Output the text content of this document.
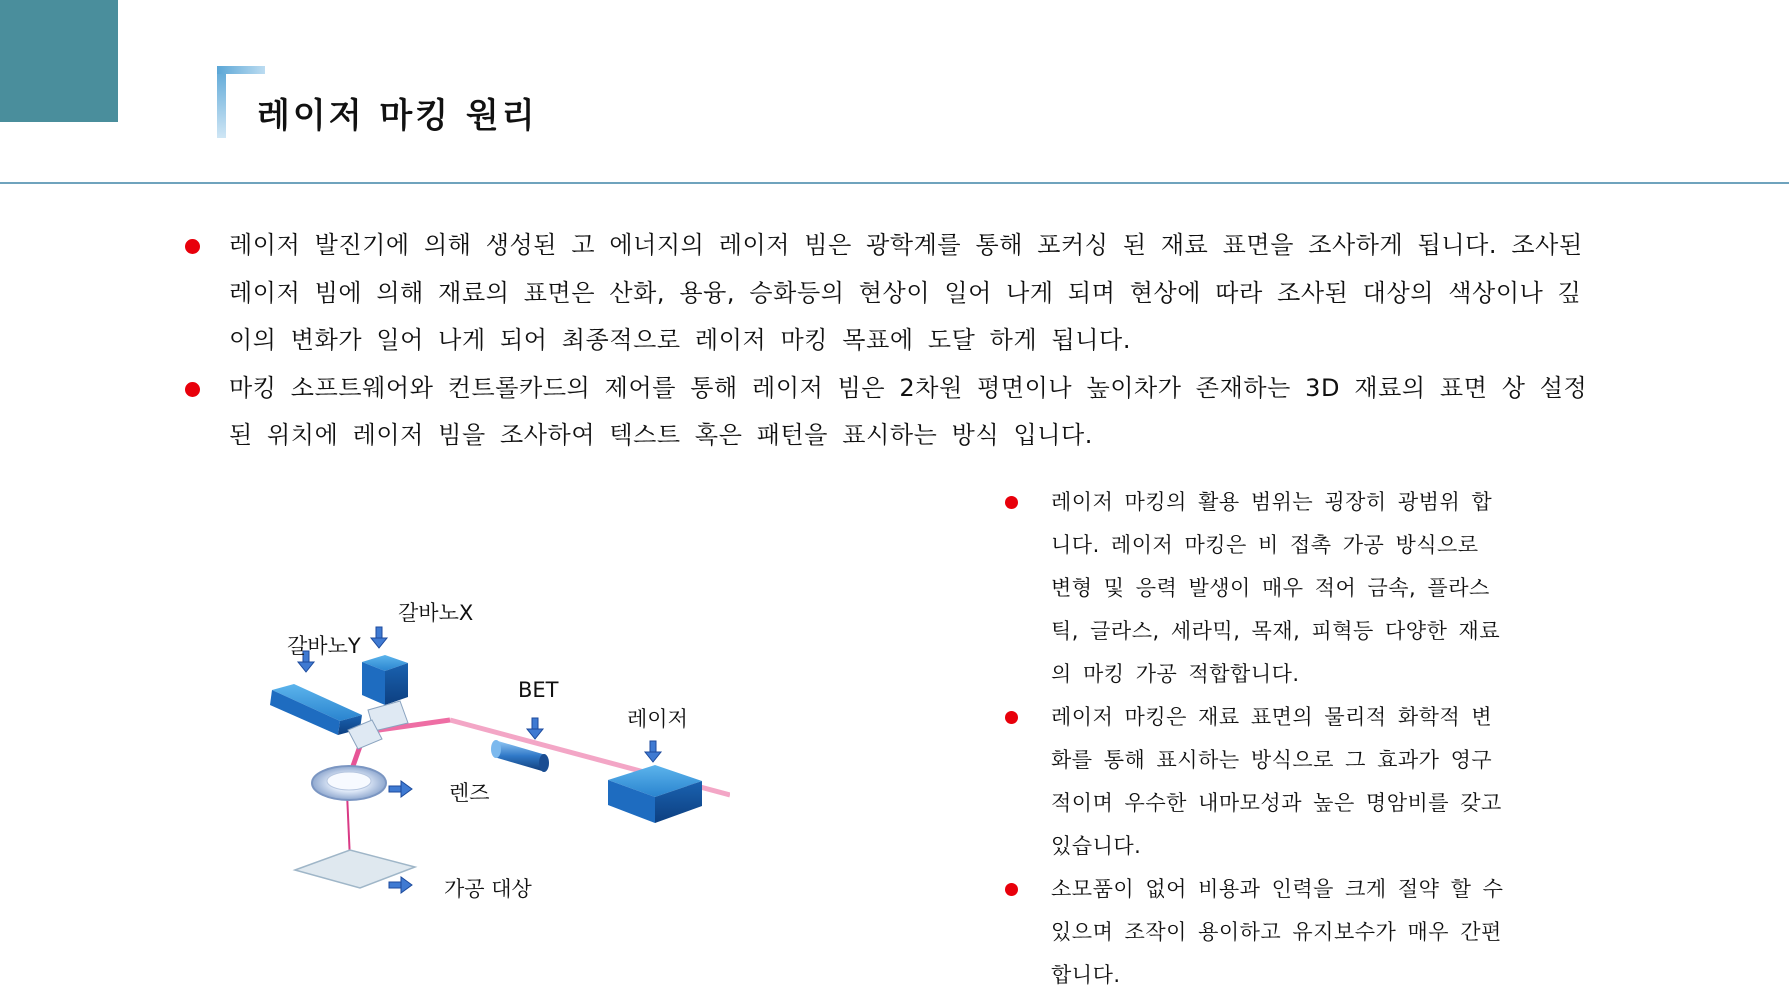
레이저 마킹 원리
레이저 발진기에 의해 생성된 고 에너지의 레이저 빔은 광학계를 통해 포커싱 된 재료 표면을 조사하게 됩니다. 조사된 레이저 빔에 의해 재료의 표면은 산화, 용융, 승화등의 현상이 일어 나게 되며 현상에 따라 조사된 대상의 색상이나 깊이의 변화가 일어 나게 되어 최종적으로 레이저 마킹 목표에 도달 하게 됩니다.
마킹 소프트웨어와 컨트롤카드의 제어를 통해 레이저 빔은 2차원 평면이나 높이차가 존재하는 3D 재료의 표면 상 설정된 위치에 레이저 빔을 조사하여 텍스트 혹은 패턴을 표시하는 방식 입니다.
갈바노Y
갈바노X
BET
레이저
렌즈
가공 대상
레이저 마킹의 활용 범위는 굉장히 광범위 합니다. 레이저 마킹은 비 접촉 가공 방식으로 변형 및 응력 발생이 매우 적어 금속, 플라스틱, 글라스, 세라믹, 목재, 피혁등 다양한 재료의 마킹 가공 적합합니다.
레이저 마킹은 재료 표면의 물리적 화학적 변화를 통해 표시하는 방식으로 그 효과가 영구적이며 우수한 내마모성과 높은 명암비를 갖고 있습니다.
소모품이 없어 비용과 인력을 크게 절약 할 수 있으며 조작이 용이하고 유지보수가 매우 간편 합니다.
